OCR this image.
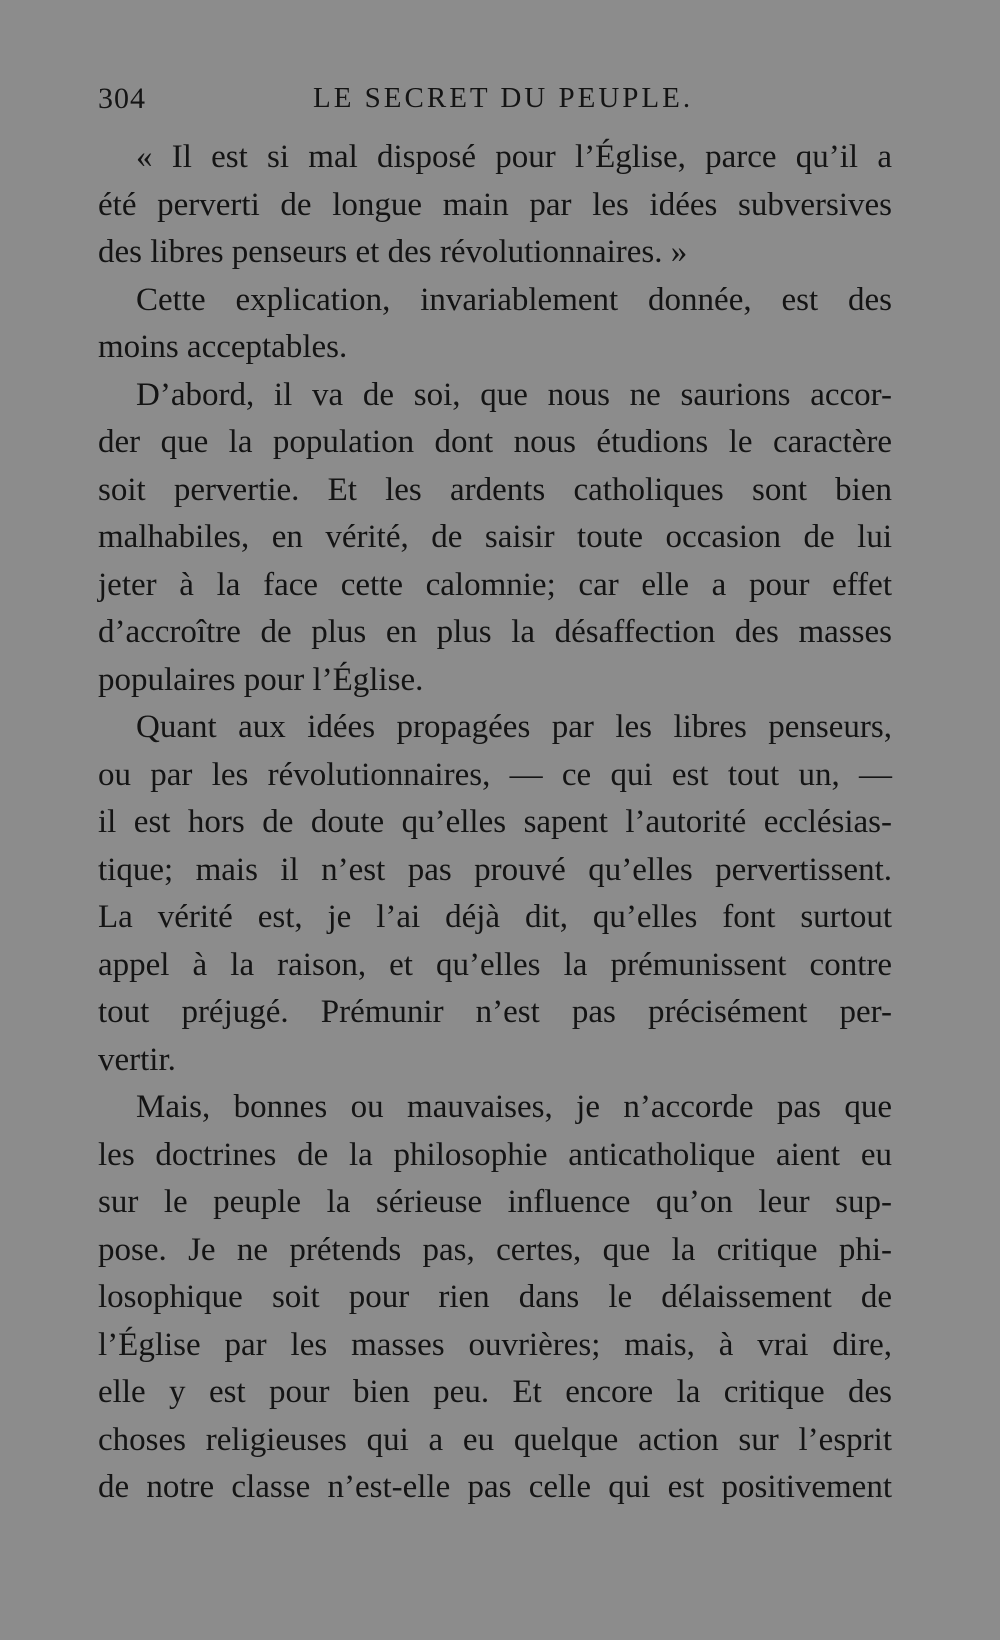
304	LE SECRET DU PEUPLE.
« Il est si mal disposé pour l’Église, parce qu’il a
été perverti de longue main par les idées subversives
des libres penseurs et des révolutionnaires. »
Cette explication, invariablement donnée, est des
moins acceptables.
D’abord, il va de soi, que nous ne saurions accor-
der que la population dont nous étudions le caractère
soit pervertie. Et les ardents catholiques sont bien
malhabiles, en vérité, de saisir toute occasion de lui
jeter à la face cette calomnie; car elle a pour effet
d’accroître de plus en plus la désaffection des masses
populaires pour l’Église.
Quant aux idées propagées par les libres penseurs,
ou par les révolutionnaires, — ce qui est tout un, —
il est hors de doute qu’elles sapent l’autorité ecclésias-
tique; mais il n’est pas prouvé qu’elles pervertissent.
La vérité est, je l’ai déjà dit, qu’elles font surtout
appel à la raison, et qu’elles la prémunissent contre
tout préjugé. Prémunir n’est pas précisément per-
vertir.
Mais, bonnes ou mauvaises, je n’accorde pas que
les doctrines de la philosophie anticatholique aient eu
sur le peuple la sérieuse influence qu’on leur sup-
pose. Je ne prétends pas, certes, que la critique phi-
losophique soit pour rien dans le délaissement de
l’Église par les masses ouvrières; mais, à vrai dire,
elle y est pour bien peu. Et encore la critique des
choses religieuses qui a eu quelque action sur l’esprit
de notre classe n’est-elle pas celle qui est positivement
